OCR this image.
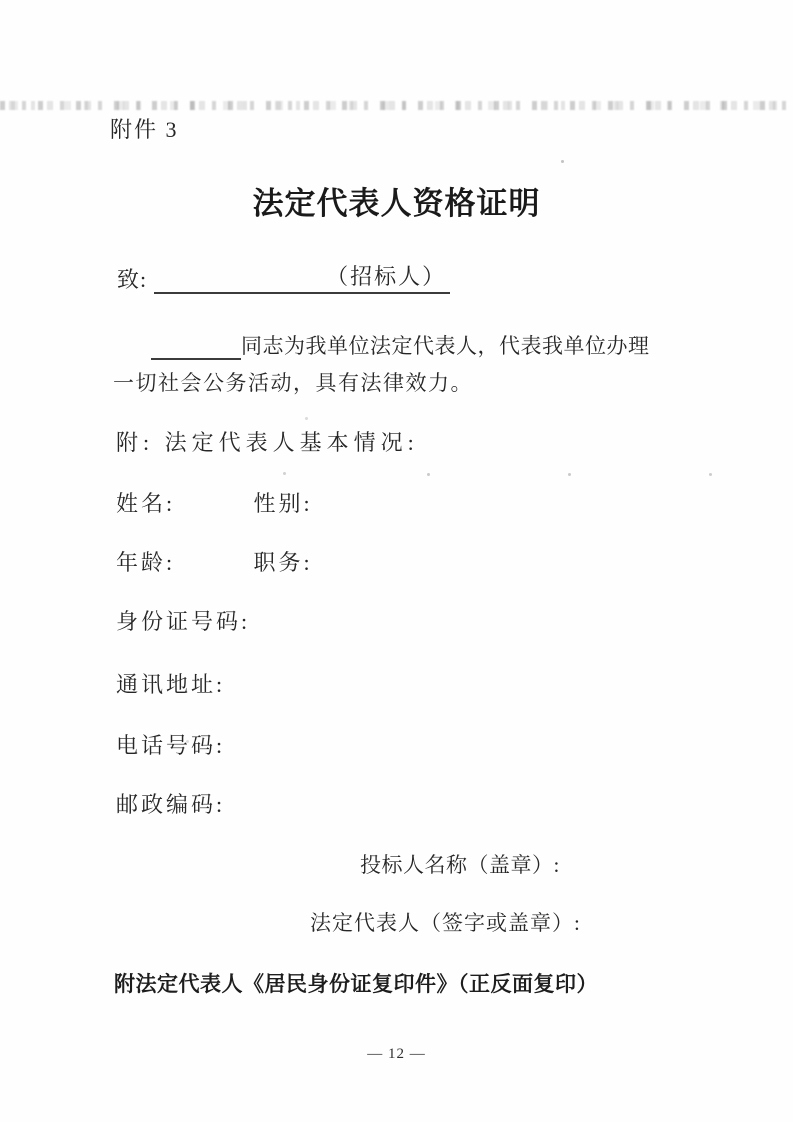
附件 3
法定代表人资格证明
致:	（招标人）
同志为我单位法定代表人，代表我单位办理
一切社会公务活动，具有法律效力。
附: 法定代表人基本情况:
姓名:	性别:
年龄:	职务:
身份证号码:
通讯地址:
电话号码:
邮政编码:
投标人名称（盖章）:
法定代表人（签字或盖章）:
附法定代表人《居民身份证复印件》（正反面复印）
— 12 —
